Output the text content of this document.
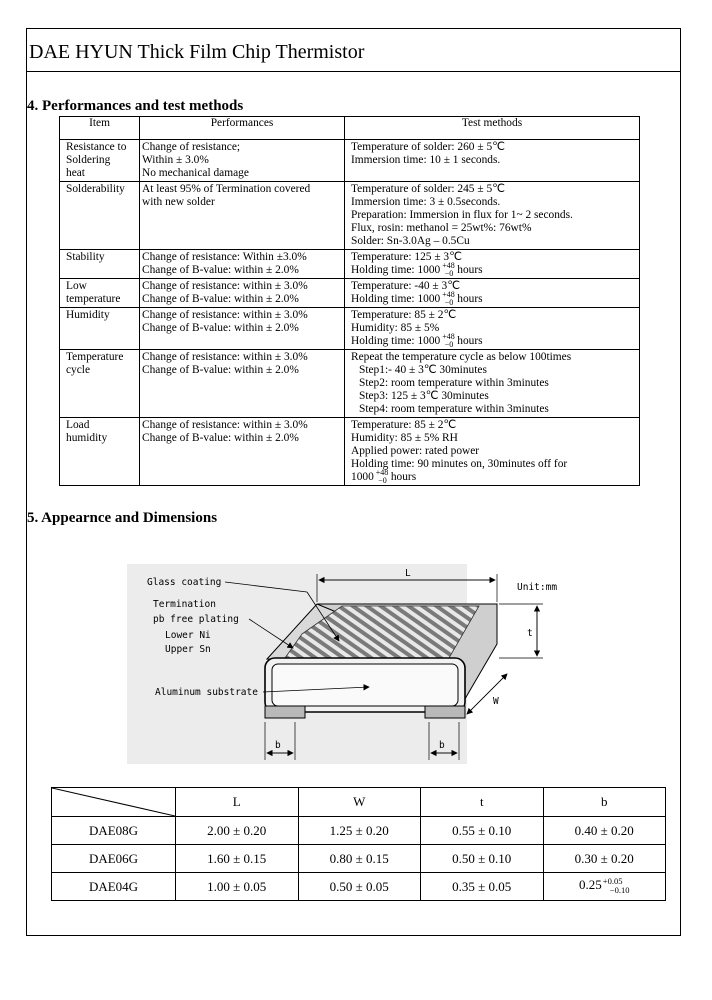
DAE HYUN Thick Film Chip Thermistor
4. Performances and test methods
Item	Performances	Test methods

Resistance to
Soldering
heat	Change of resistance;
Within ± 3.0%
No mechanical damage	Temperature of solder: 260 ± 5℃
Immersion time: 10 ± 1 seconds.

Solderability	At least 95% of Termination covered
with new solder	Temperature of solder: 245 ± 5℃
Immersion time: 3 ± 0.5seconds.
Preparation: Immersion in flux for 1~ 2 seconds.
Flux, rosin: methanol = 25wt%: 76wt%
Solder: Sn-3.0Ag – 0.5Cu

Stability	Change of resistance: Within ±3.0%
Change of B-value: within ± 2.0%	Temperature: 125 ± 3℃
Holding time: 1000 $^{+48}_{-0}$ hours

Low
temperature	Change of resistance: within ± 3.0%
Change of B-value: within ± 2.0%	Temperature: -40 ± 3℃
Holding time: 1000 $^{+48}_{-0}$ hours

Humidity	Change of resistance: within ± 3.0%
Change of B-value: within ± 2.0%	Temperature: 85 ± 2℃
Humidity: 85 ± 5%
Holding time: 1000 $^{+48}_{-0}$ hours

Temperature
cycle	Change of resistance: within ± 3.0%
Change of B-value: within ± 2.0%	Repeat the temperature cycle as below 100times
Step1:- 40 ± 3℃ 30minutes
Step2: room temperature within 3minutes
Step3: 125 ± 3℃ 30minutes
Step4: room temperature within 3minutes

Load
humidity	Change of resistance: within ± 3.0%
Change of B-value: within ± 2.0%	Temperature: 85 ± 2℃
Humidity: 85 ± 5% RH
Applied power: rated power
Holding time: 90 minutes on, 30minutes off for
1000 $^{+48}_{-0}$ hours
5. Appearnce and Dimensions
Glass coating
Termination
pb free plating
Lower Ni
Upper Sn
Aluminum substrate
L
Unit:mm
t
W
b	b
	L	W	t	b
DAE08G	2.00 ± 0.20	1.25 ± 0.20	0.55 ± 0.10	0.40 ± 0.20
DAE06G	1.60 ± 0.15	0.80 ± 0.15	0.50 ± 0.10	0.30 ± 0.20
DAE04G	1.00 ± 0.05	0.50 ± 0.05	0.35 ± 0.05	0.25+0.05
−0.10
